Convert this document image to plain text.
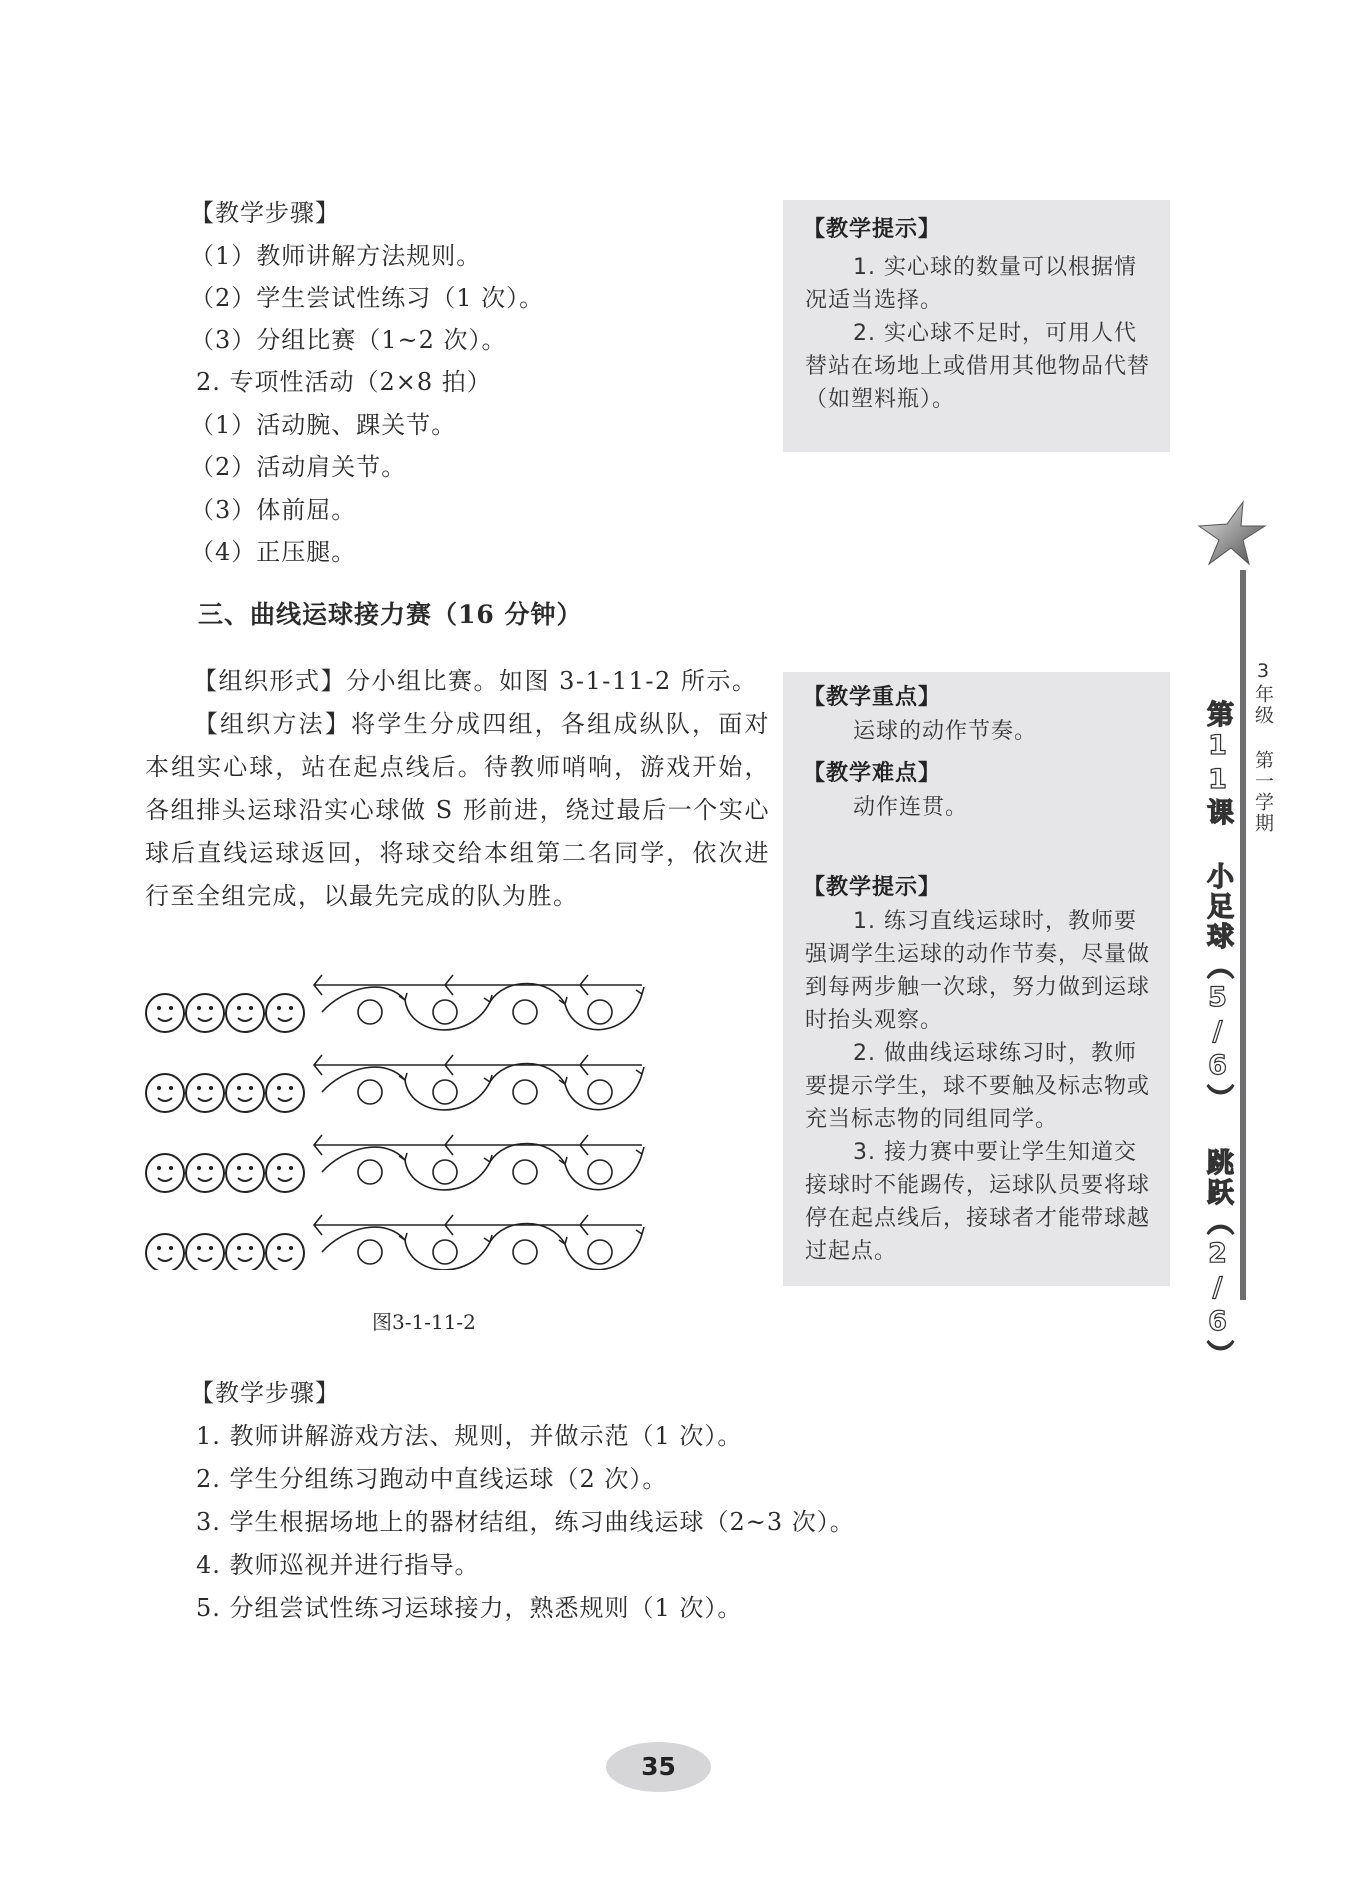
【教学步骤】
（1）教师讲解方法规则。
（2）学生尝试性练习（1 次）。
（3）分组比赛（1~2 次）。
2. 专项性活动（2×8 拍）
（1）活动腕、踝关节。
（2）活动肩关节。
（3）体前屈。
（4）正压腿。
【教学提示】
1. 实心球的数量可以根据情况适当选择。
2. 实心球不足时，可用人代替站在场地上或借用其他物品代替（如塑料瓶）。
3年级 第一学期
第11课 小足球（5/6） 跳跃（2/6）
三、曲线运球接力赛（16 分钟）
【组织形式】分小组比赛。如图 3-1-11-2 所示。
【组织方法】将学生分成四组，各组成纵队，面对本组实心球，站在起点线后。待教师哨响，游戏开始，各组排头运球沿实心球做 S 形前进，绕过最后一个实心球后直线运球返回，将球交给本组第二名同学，依次进行至全组完成，以最先完成的队为胜。
【教学重点】
运球的动作节奏。
【教学难点】
动作连贯。
【教学提示】
1. 练习直线运球时，教师要强调学生运球的动作节奏，尽量做到每两步触一次球，努力做到运球时抬头观察。
2. 做曲线运球练习时，教师要提示学生，球不要触及标志物或充当标志物的同组同学。
3. 接力赛中要让学生知道交接球时不能踢传，运球队员要将球停在起点线后，接球者才能带球越过起点。
图3-1-11-2
【教学步骤】
1. 教师讲解游戏方法、规则，并做示范（1 次）。
2. 学生分组练习跑动中直线运球（2 次）。
3. 学生根据场地上的器材结组，练习曲线运球（2~3 次）。
4. 教师巡视并进行指导。
5. 分组尝试性练习运球接力，熟悉规则（1 次）。
35
